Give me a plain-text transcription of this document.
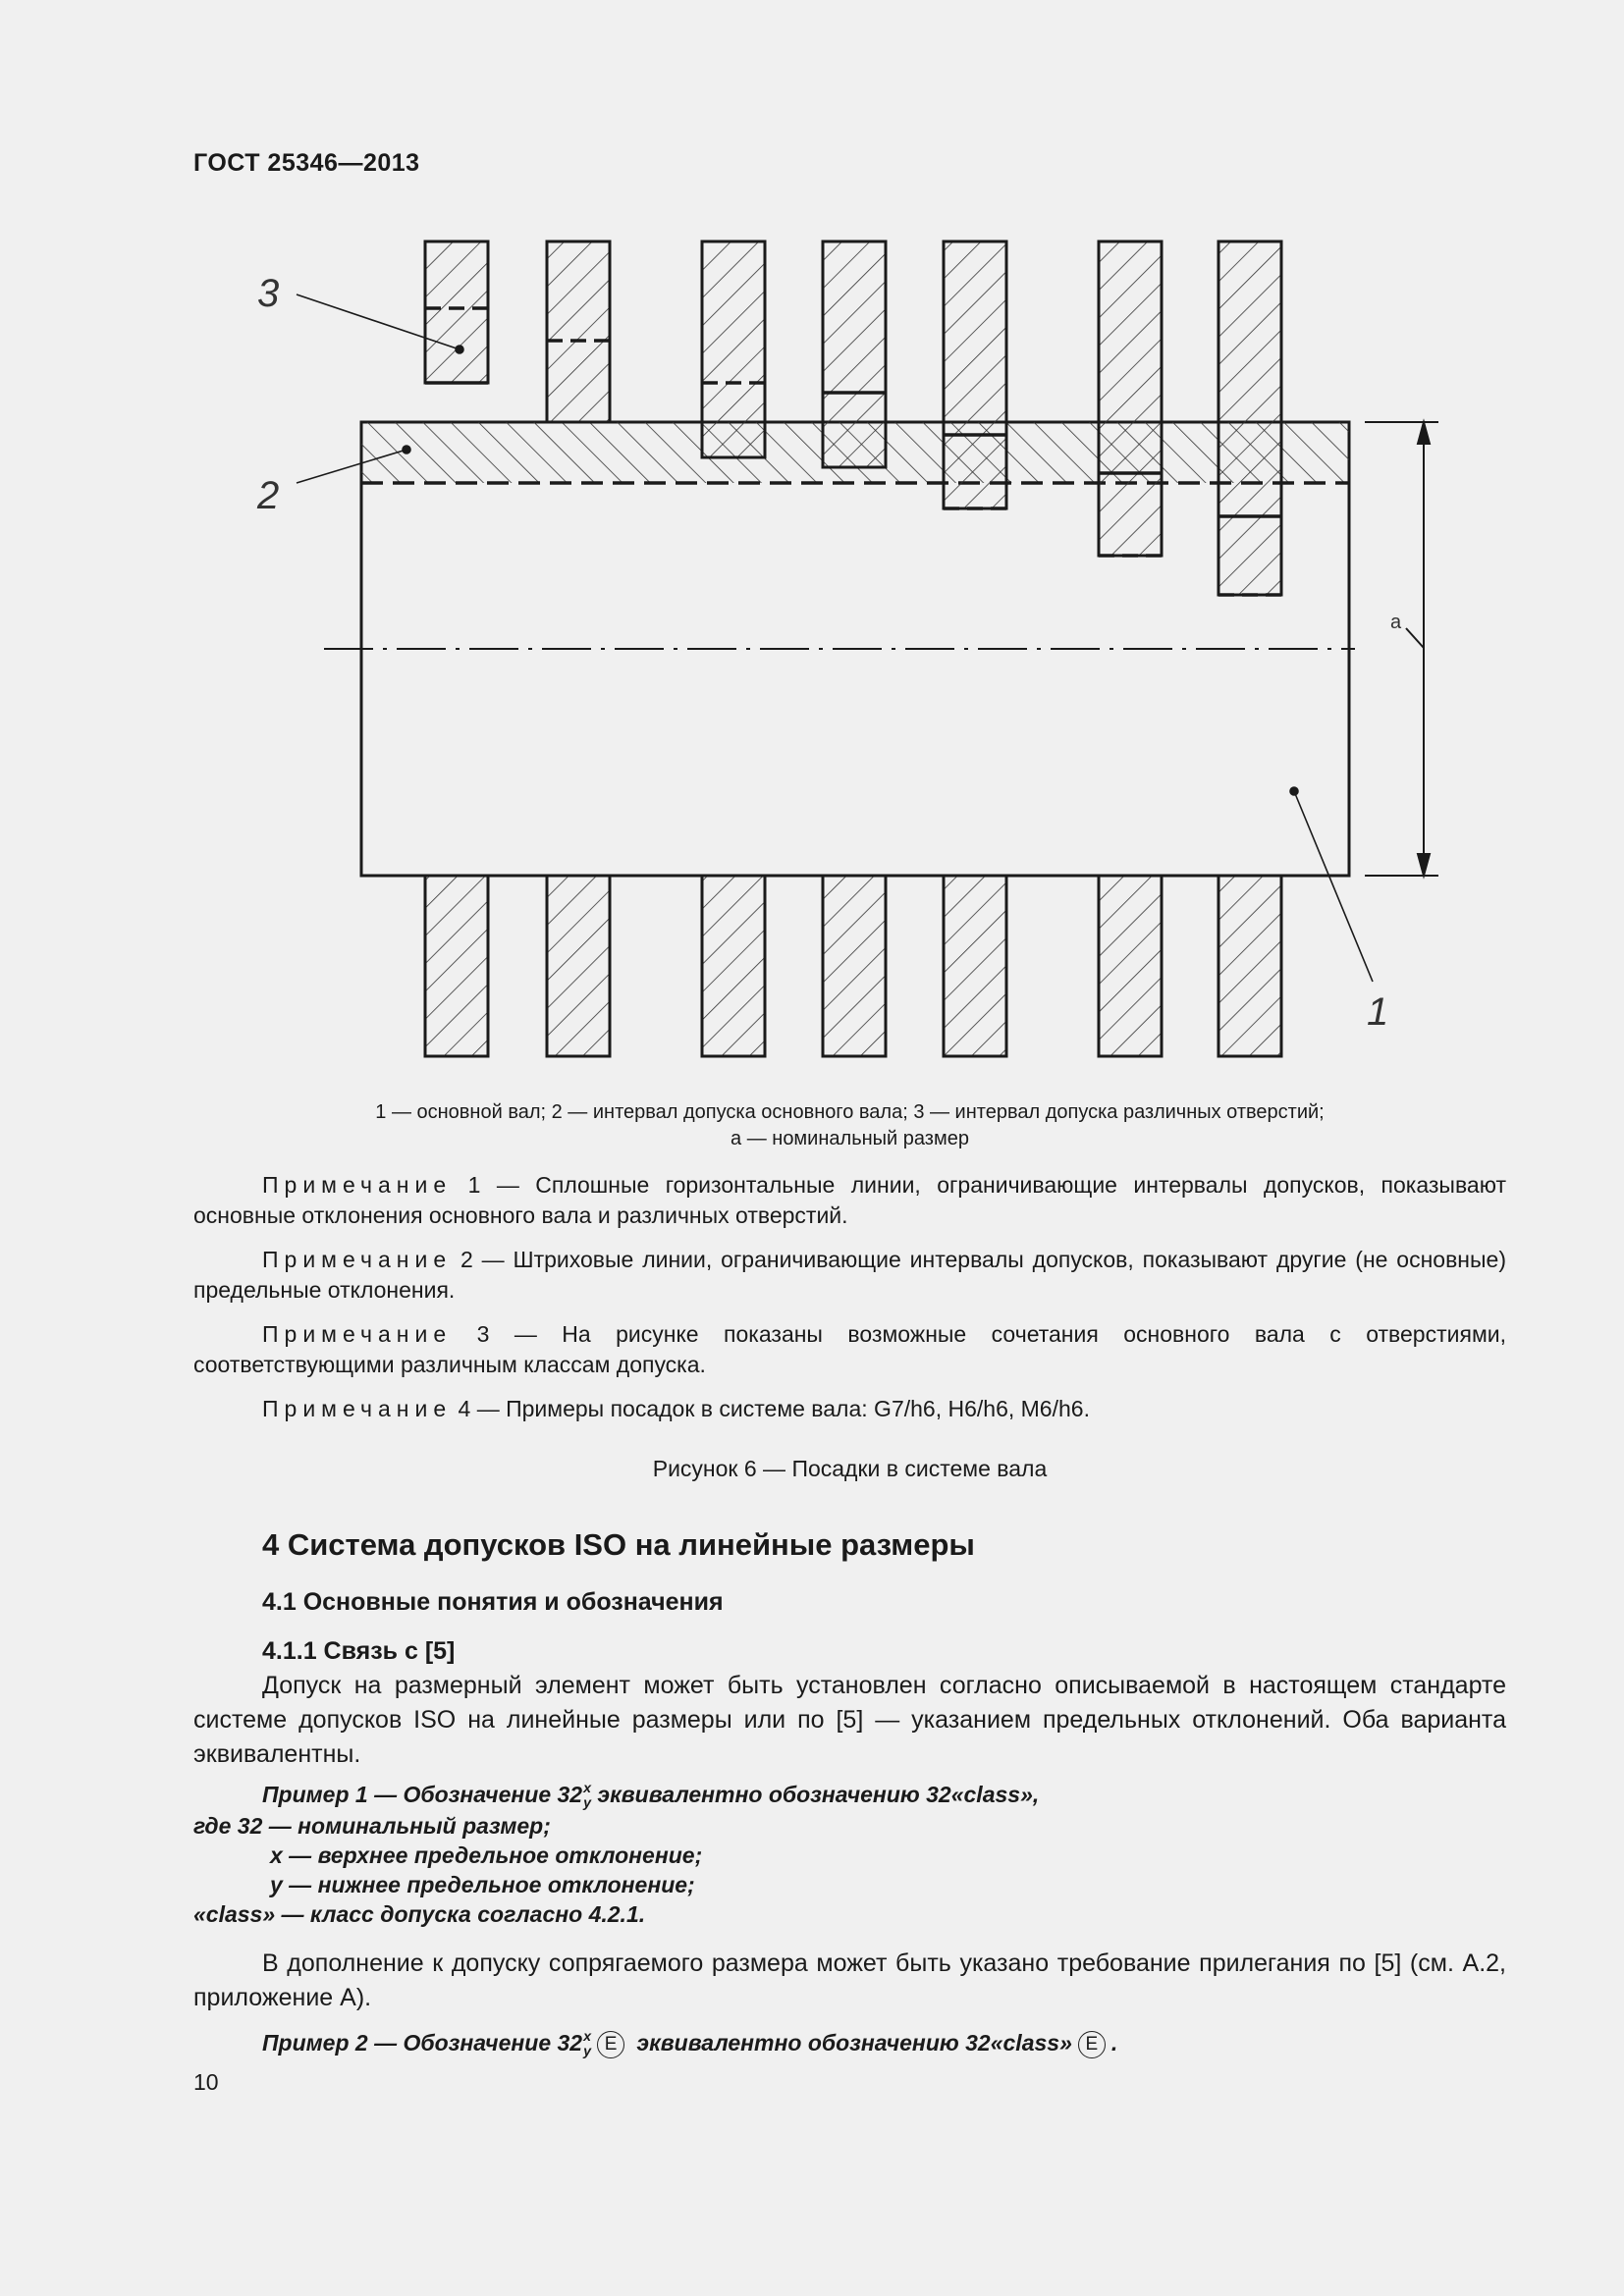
ГОСТ 25346—2013
3
2
1
a
1 — основной вал; 2 — интервал допуска основного вала; 3 — интервал допуска различных отверстий;
а — номинальный размер
Примечание 1 — Сплошные горизонтальные линии, ограничивающие интервалы допусков, показывают основные отклонения основного вала и различных отверстий.
Примечание 2 — Штриховые линии, ограничивающие интервалы допусков, показывают другие (не основные) предельные отклонения.
Примечание 3 — На рисунке показаны возможные сочетания основного вала с отверстиями, соответствующими различным классам допуска.
Примечание 4 — Примеры посадок в системе вала: G7/h6, H6/h6, M6/h6.
Рисунок 6 — Посадки в системе вала
4 Система допусков ISO на линейные размеры
4.1 Основные понятия и обозначения
4.1.1 Связь с [5]
Допуск на размерный элемент может быть установлен согласно описываемой в настоящем стандарте системе допусков ISO на линейные размеры или по [5] — указанием предельных отклонений. Оба варианта эквивалентны.
Пример 1 — Обозначение 32 x
y эквивалентно обозначению 32«class»,
где 32 — номинальный размер;
x — верхнее предельное отклонение;
y — нижнее предельное отклонение;
«class» — класс допуска согласно 4.2.1.
В дополнение к допуску сопрягаемого размера может быть указано требование прилегания по [5] (см. А.2, приложение А).
Пример 2 — Обозначение 32 x
y E эквивалентно обозначению 32«class» E .
10
